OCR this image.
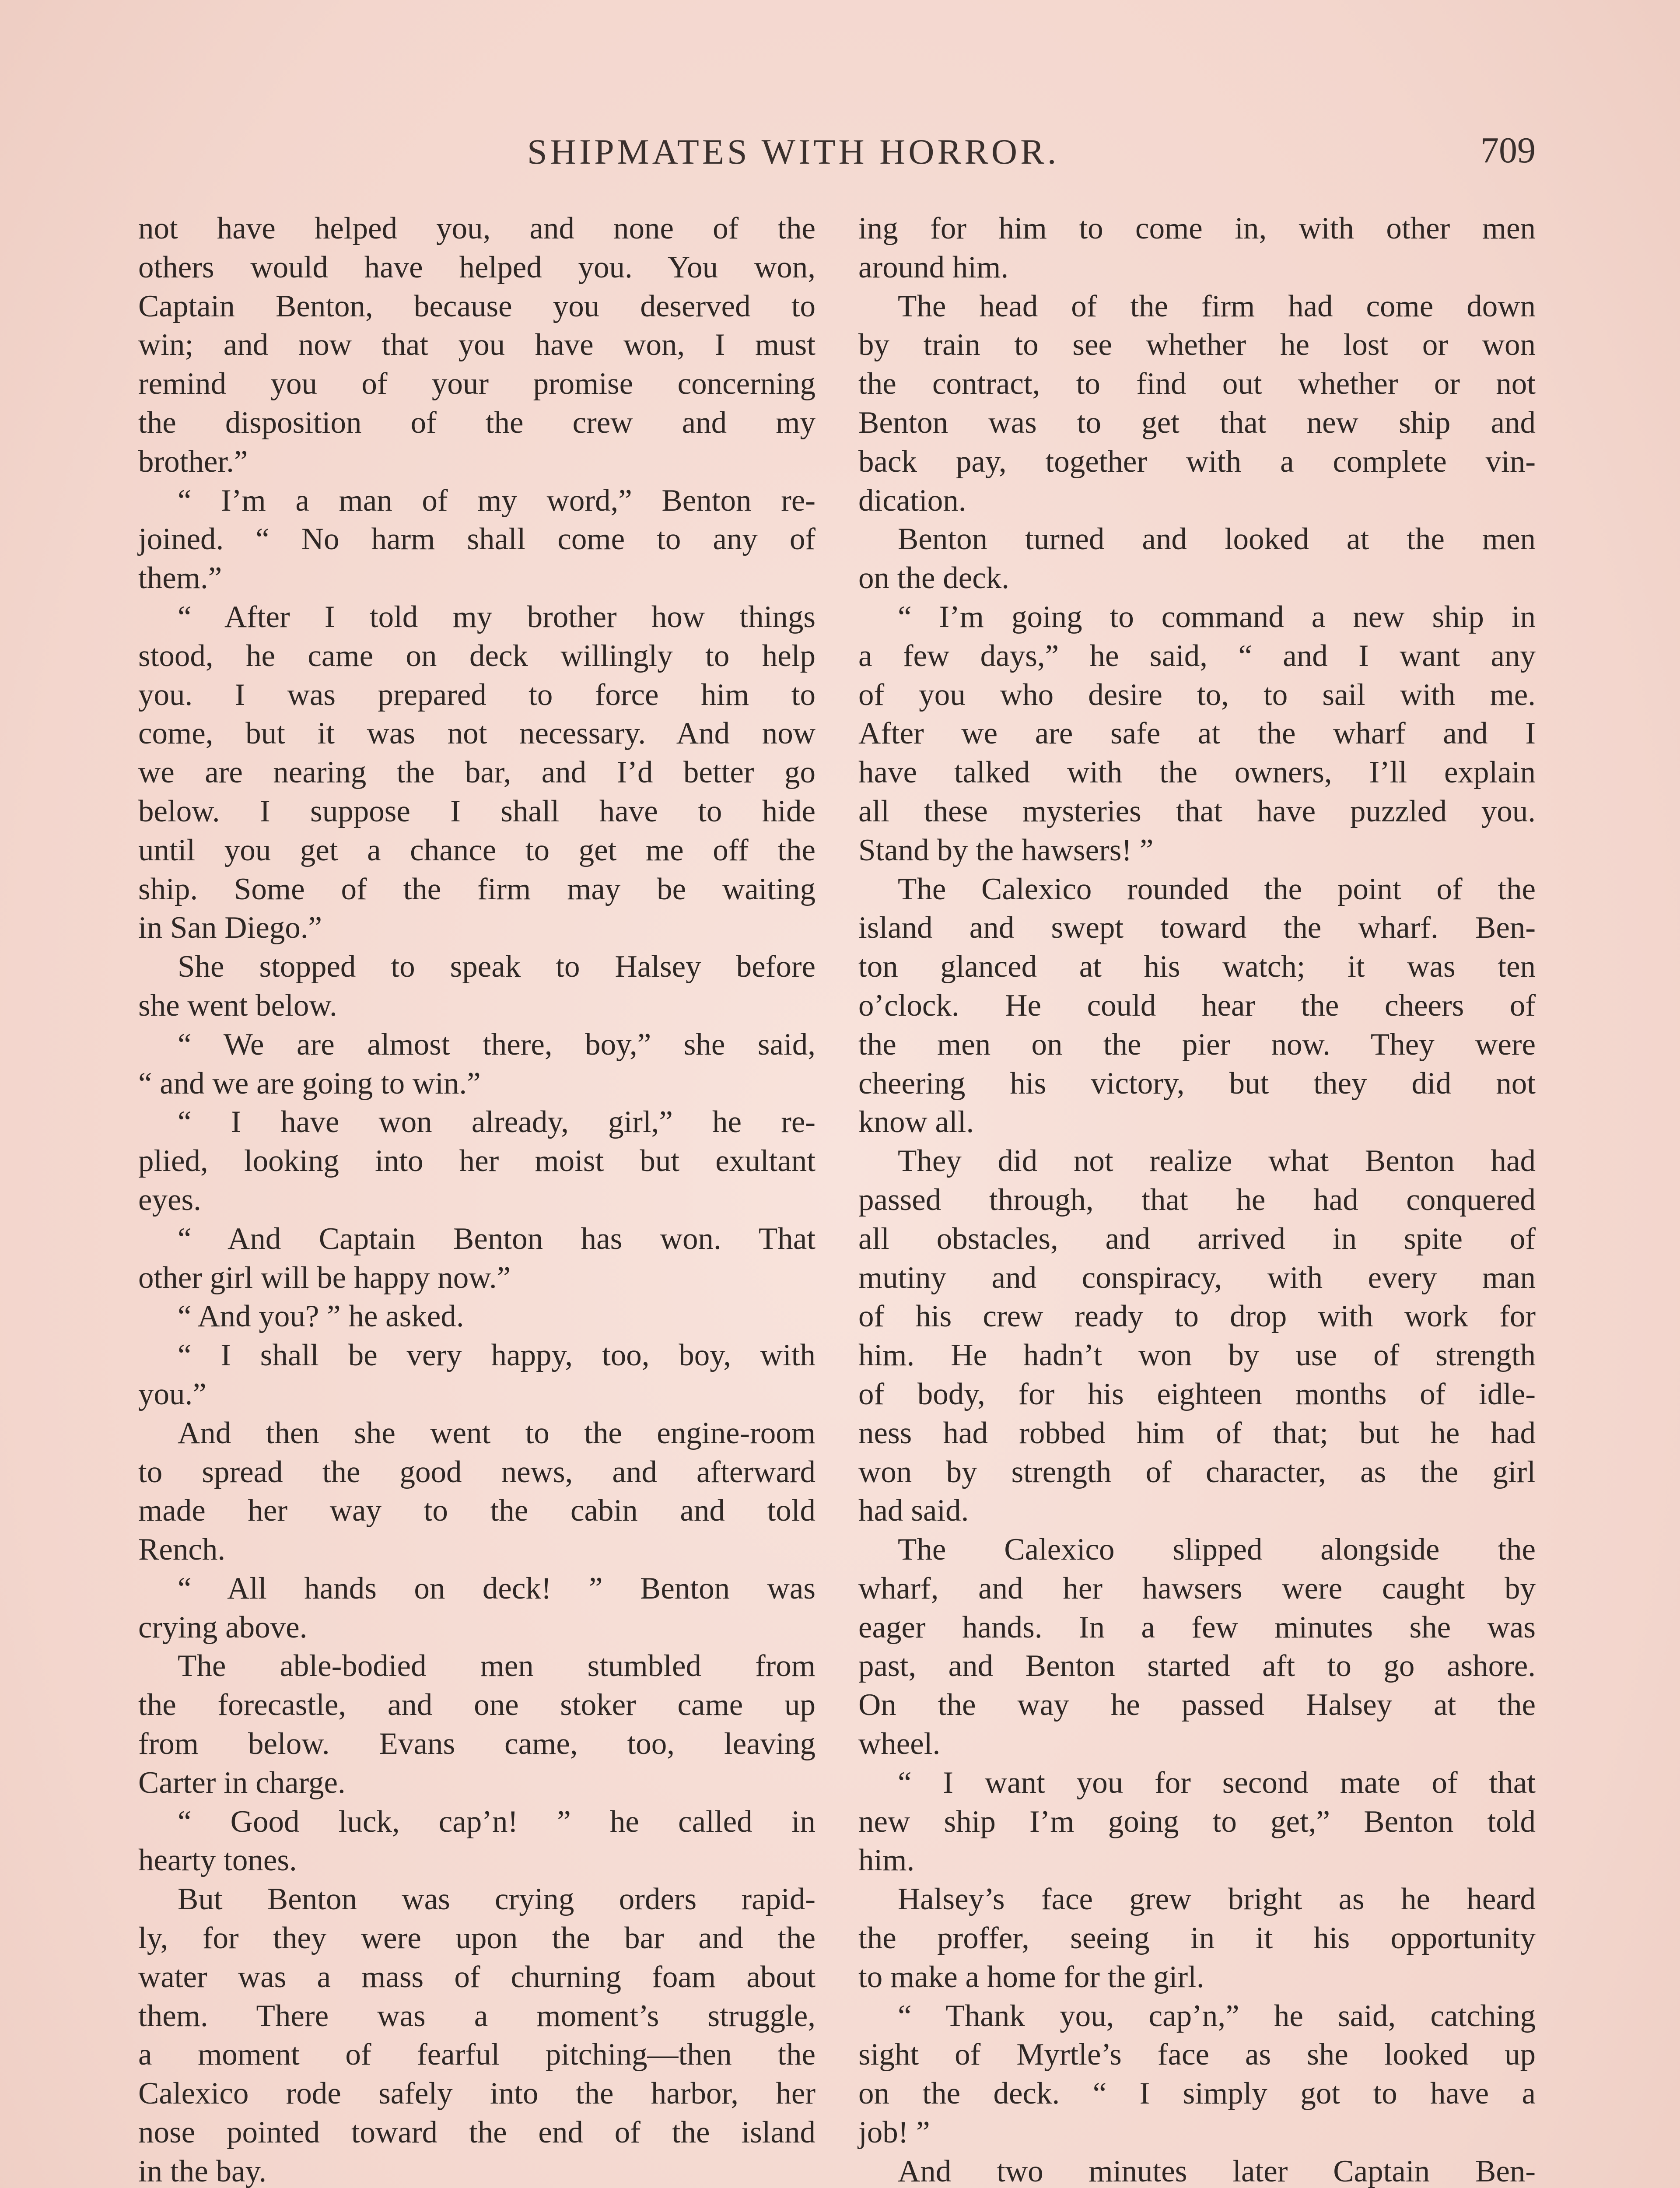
SHIPMATES WITH HORROR.	709
not have helped you, and none of the
others would have helped you. You won,
Captain Benton, because you deserved to
win; and now that you have won, I must
remind you of your promise concerning
the disposition of the crew and my
brother.”
“ I’m a man of my word,” Benton re-
joined. “ No harm shall come to any of
them.”
“ After I told my brother how things
stood, he came on deck willingly to help
you. I was prepared to force him to
come, but it was not necessary. And now
we are nearing the bar, and I’d better go
below. I suppose I shall have to hide
until you get a chance to get me off the
ship. Some of the firm may be waiting
in San Diego.”
She stopped to speak to Halsey before
she went below.
“ We are almost there, boy,” she said,
“ and we are going to win.”
“ I have won already, girl,” he re-
plied, looking into her moist but exultant
eyes.
“ And Captain Benton has won. That
other girl will be happy now.”
“ And you? ” he asked.
“ I shall be very happy, too, boy, with
you.”
And then she went to the engine-room
to spread the good news, and afterward
made her way to the cabin and told
Rench.
“ All hands on deck! ” Benton was
crying above.
The able-bodied men stumbled from
the forecastle, and one stoker came up
from below. Evans came, too, leaving
Carter in charge.
“ Good luck, cap’n! ” he called in
hearty tones.
But Benton was crying orders rapid-
ly, for they were upon the bar and the
water was a mass of churning foam about
them. There was a moment’s struggle,
a moment of fearful pitching—then the
Calexico rode safely into the harbor, her
nose pointed toward the end of the island
in the bay.
ing for him to come in, with other men
around him.
The head of the firm had come down
by train to see whether he lost or won
the contract, to find out whether or not
Benton was to get that new ship and
back pay, together with a complete vin-
dication.
Benton turned and looked at the men
on the deck.
“ I’m going to command a new ship in
a few days,” he said, “ and I want any
of you who desire to, to sail with me.
After we are safe at the wharf and I
have talked with the owners, I’ll explain
all these mysteries that have puzzled you.
Stand by the hawsers! ”
The Calexico rounded the point of the
island and swept toward the wharf. Ben-
ton glanced at his watch; it was ten
o’clock. He could hear the cheers of
the men on the pier now. They were
cheering his victory, but they did not
know all.
They did not realize what Benton had
passed through, that he had conquered
all obstacles, and arrived in spite of
mutiny and conspiracy, with every man
of his crew ready to drop with work for
him. He hadn’t won by use of strength
of body, for his eighteen months of idle-
ness had robbed him of that; but he had
won by strength of character, as the girl
had said.
The Calexico slipped alongside the
wharf, and her hawsers were caught by
eager hands. In a few minutes she was
past, and Benton started aft to go ashore.
On the way he passed Halsey at the
wheel.
“ I want you for second mate of that
new ship I’m going to get,” Benton told
him.
Halsey’s face grew bright as he heard
the proffer, seeing in it his opportunity
to make a home for the girl.
“ Thank you, cap’n,” he said, catching
sight of Myrtle’s face as she looked up
on the deck. “ I simply got to have a
job! ”
And two minutes later Captain Ben-
